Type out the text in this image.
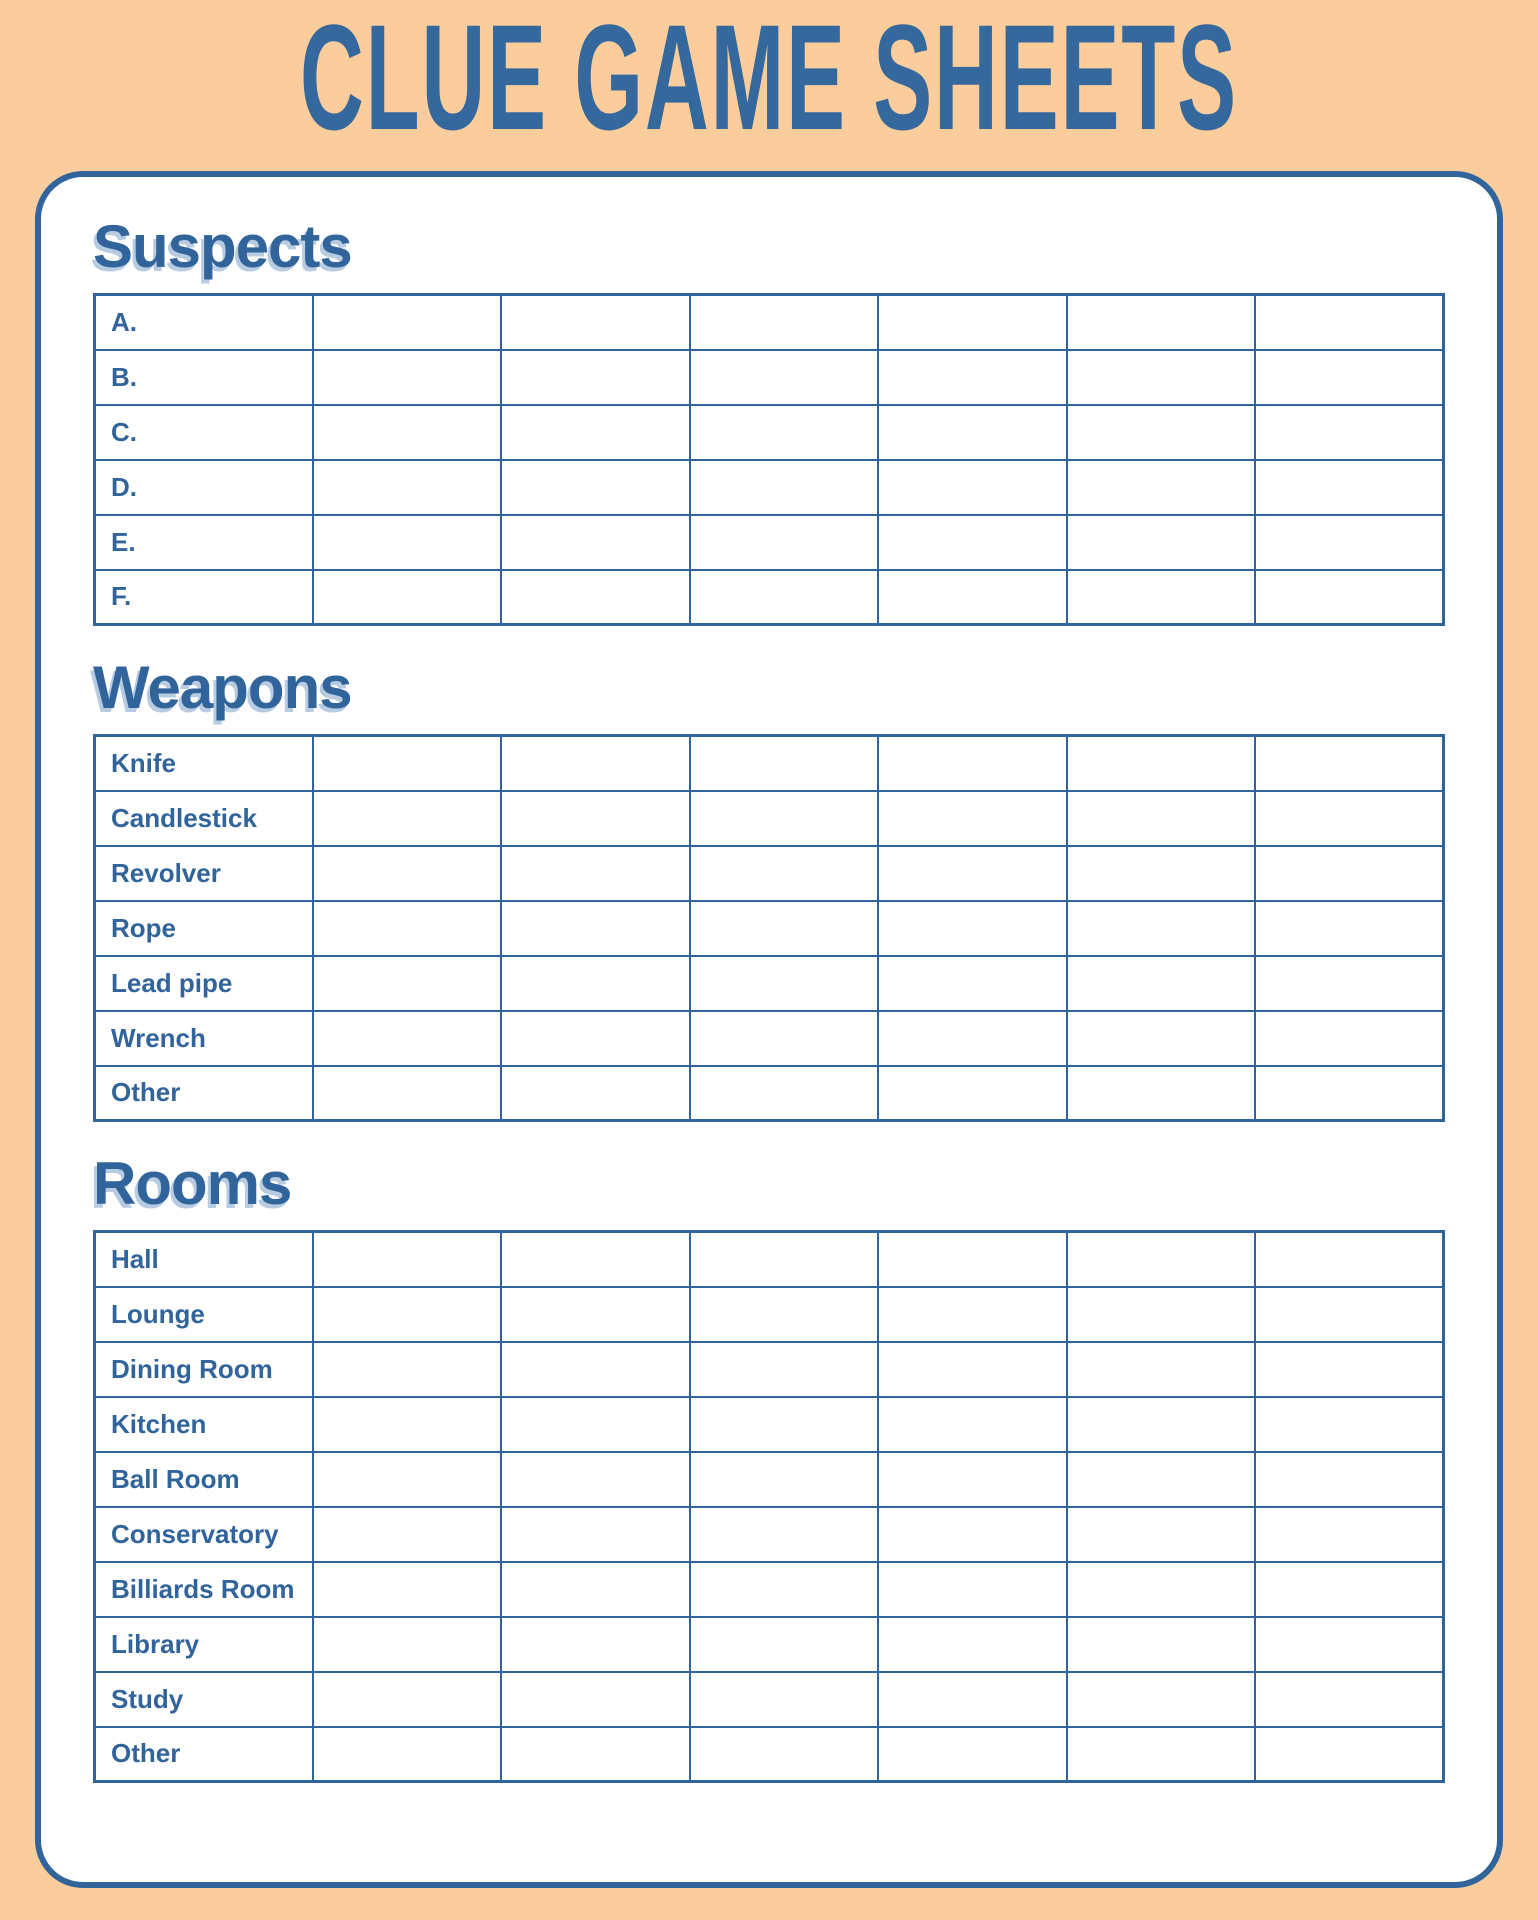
CLUE GAME SHEETS
Suspects
A.						
B.						
C.						
D.						
E.						
F.						
Weapons
Knife						
Candlestick						
Revolver						
Rope						
Lead pipe						
Wrench						
Other						
Rooms
Hall						
Lounge						
Dining Room						
Kitchen						
Ball Room						
Conservatory						
Billiards Room						
Library						
Study						
Other						
